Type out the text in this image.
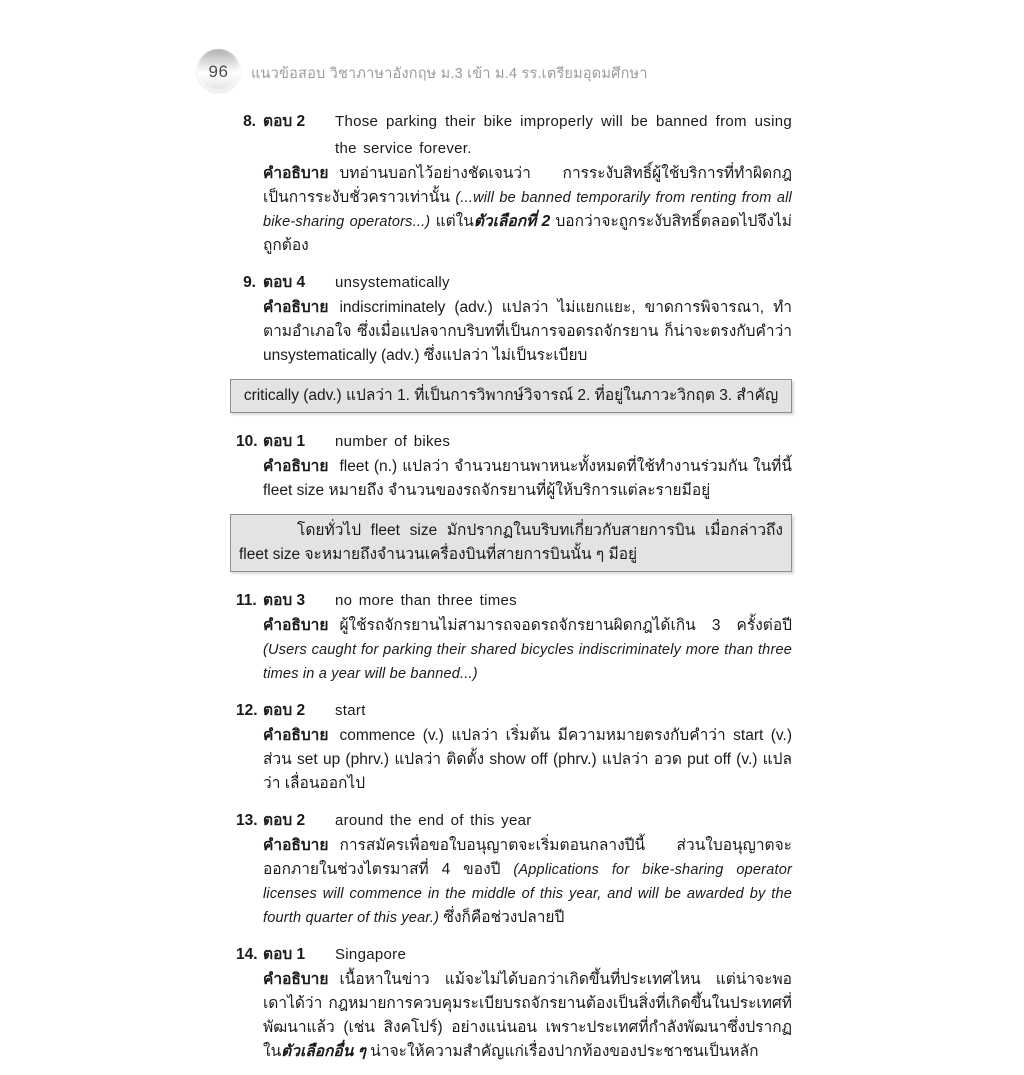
96 แนวข้อสอบ วิชาภาษาอังกฤษ ม.3 เข้า ม.4 รร.เตรียมอุดมศึกษา
8. ตอบ 2	Those parking their bike improperly will be banned from using the service forever.

คำอธิบาย บทอ่านบอกไว้อย่างชัดเจนว่า การระงับสิทธิ์ผู้ใช้บริการที่ทำผิดกฎเป็นการระงับชั่วคราวเท่านั้น (...will be banned temporarily from renting from all bike-sharing operators...) แต่ในตัวเลือกที่ 2 บอกว่าจะถูกระงับสิทธิ์ตลอดไปจึงไม่ถูกต้อง

9. ตอบ 4	unsystematically

คำอธิบาย indiscriminately (adv.) แปลว่า ไม่แยกแยะ, ขาดการพิจารณา, ทำตามอำเภอใจ ซึ่งเมื่อแปลจากบริบทที่เป็นการจอดรถจักรยาน ก็น่าจะตรงกับคำว่า unsystematically (adv.) ซึ่งแปลว่า ไม่เป็นระเบียบ

critically (adv.) แปลว่า 1. ที่เป็นการวิพากษ์วิจารณ์ 2. ที่อยู่ในภาวะวิกฤต 3. สำคัญ
10. ตอบ 1	number of bikes

คำอธิบาย fleet (n.) แปลว่า จำนวนยานพาหนะทั้งหมดที่ใช้ทำงานร่วมกัน ในที่นี้ fleet size หมายถึง จำนวนของรถจักรยานที่ผู้ให้บริการแต่ละรายมีอยู่

โดยทั่วไป fleet size มักปรากฏในบริบทเกี่ยวกับสายการบิน เมื่อกล่าวถึง fleet size จะหมายถึงจำนวนเครื่องบินที่สายการบินนั้น ๆ มีอยู่
11. ตอบ 3	no more than three times

คำอธิบาย ผู้ใช้รถจักรยานไม่สามารถจอดรถจักรยานผิดกฎได้เกิน 3 ครั้งต่อปี (Users caught for parking their shared bicycles indiscriminately more than three times in a year will be banned...)

12. ตอบ 2	start

คำอธิบาย commence (v.) แปลว่า เริ่มต้น มีความหมายตรงกับคำว่า start (v.) ส่วน set up (phrv.) แปลว่า ติดตั้ง show off (phrv.) แปลว่า อวด put off (v.) แปลว่า เลื่อนออกไป

13. ตอบ 2	around the end of this year

คำอธิบาย การสมัครเพื่อขอใบอนุญาตจะเริ่มตอนกลางปีนี้ ส่วนใบอนุญาตจะออกภายในช่วงไตรมาสที่ 4 ของปี (Applications for bike-sharing operator licenses will commence in the middle of this year, and will be awarded by the fourth quarter of this year.) ซึ่งก็คือช่วงปลายปี

14. ตอบ 1	Singapore

คำอธิบาย เนื้อหาในข่าว แม้จะไม่ได้บอกว่าเกิดขึ้นที่ประเทศไหน แต่น่าจะพอเดาได้ว่า กฎหมายการควบคุมระเบียบรถจักรยานต้องเป็นสิ่งที่เกิดขึ้นในประเทศที่พัฒนาแล้ว (เช่น สิงคโปร์) อย่างแน่นอน เพราะประเทศที่กำลังพัฒนาซึ่งปรากฏในตัวเลือกอื่น ๆ น่าจะให้ความสำคัญแก่เรื่องปากท้องของประชาชนเป็นหลัก
